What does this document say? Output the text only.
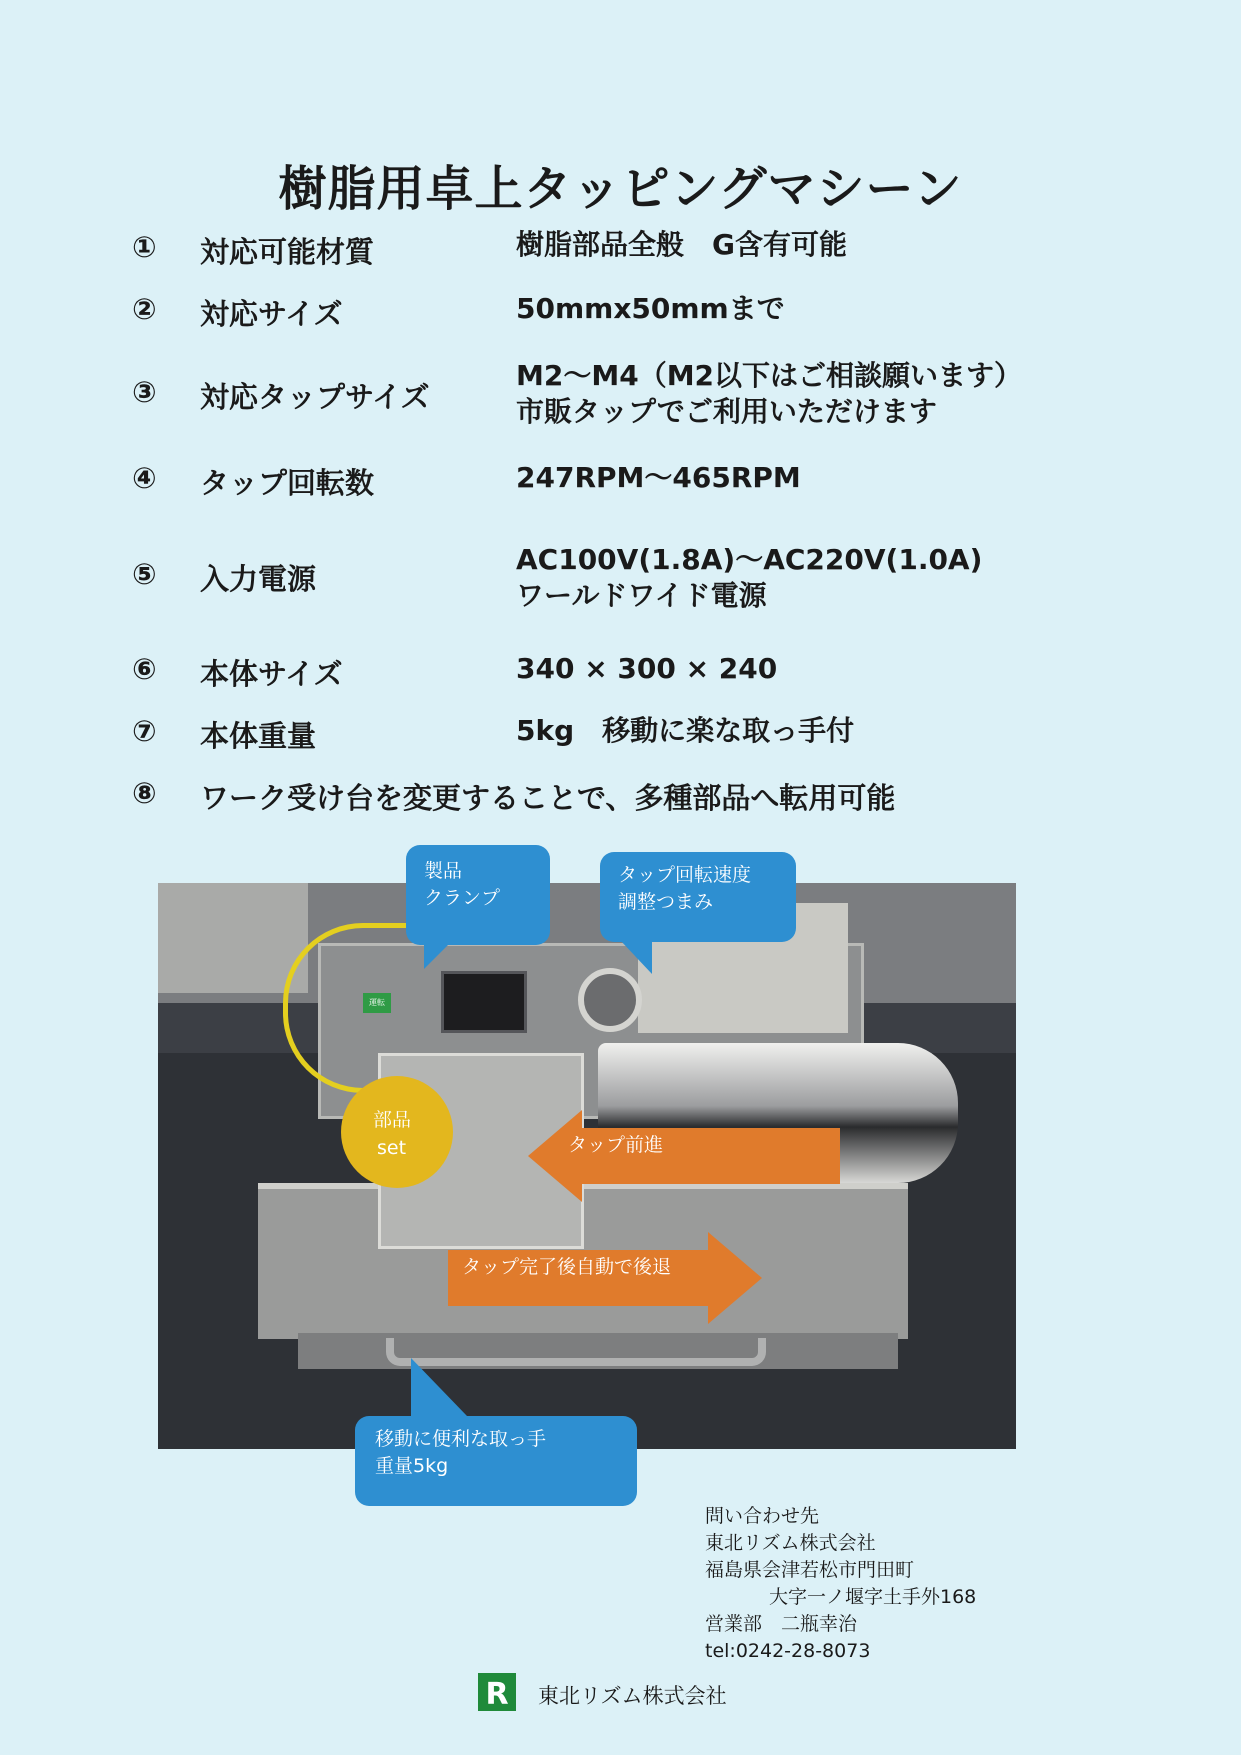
樹脂用卓上タッピングマシーン
① 対応可能材質	樹脂部品全般　G含有可能
② 対応サイズ	50mmx50mmまで
③ 対応タップサイズ
M2～M4（M2以下はご相談願います）
市販タップでご利用いただけます
④ タップ回転数	247RPM～465RPM
⑤ 入力電源
AC100V(1.8A)～AC220V(1.0A)
ワールドワイド電源
⑥ 本体サイズ	340 × 300 × 240
⑦ 本体重量	5kg　移動に楽な取っ手付
⑧ ワーク受け台を変更することで、多種部品へ転用可能
運転
製品
クランプ
タップ回転速度
調整つまみ
部品
set	タップ前進
タップ完了後自動で後退
移動に便利な取っ手
重量5kg
問い合わせ先
東北リズム株式会社
福島県会津若松市門田町
大字一ノ堰字土手外168
営業部　二瓶幸治
tel:0242-28-8073
R	東北リズム株式会社
